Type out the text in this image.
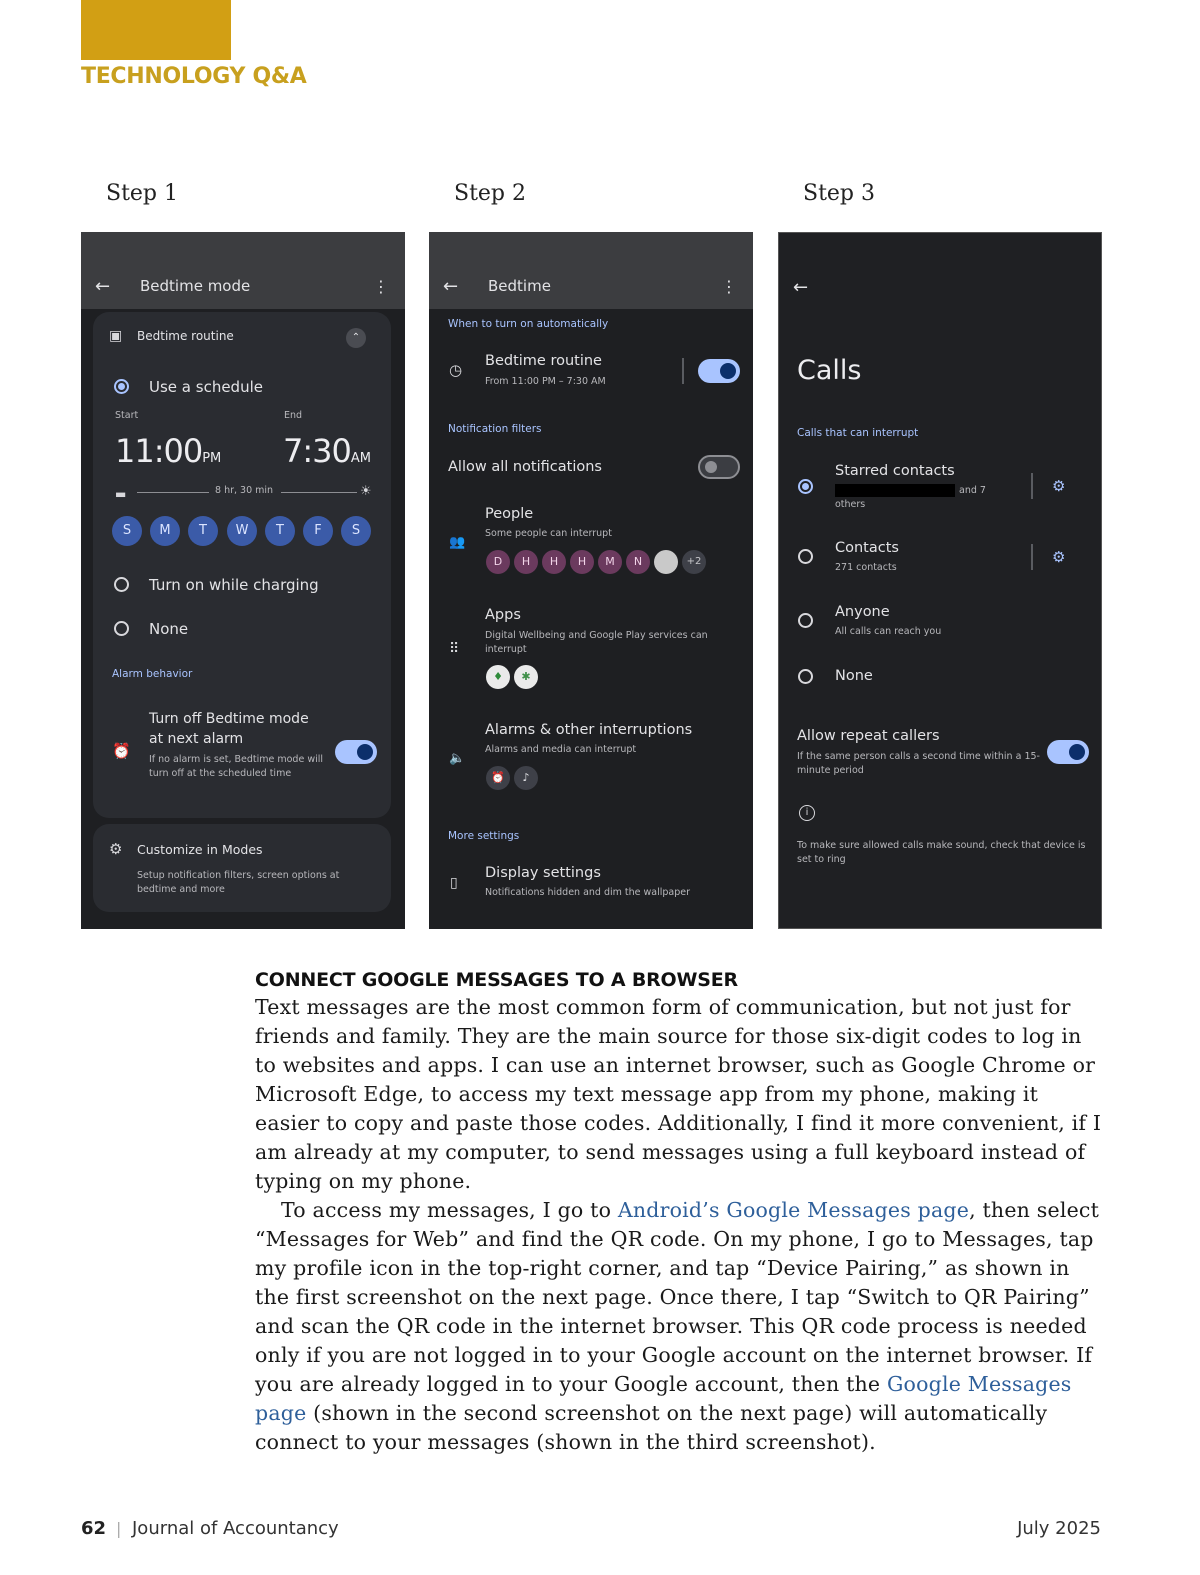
TECHNOLOGY Q&A
Step 1	Step 2	Step 3
← Bedtime mode	⋮
▣ Bedtime routine	⌃
Use a schedule
Start	End
11:00PM 7:30AM
▬	8 hr, 30 min	☀
S	M	T	W	T	F	S
Turn on while charging
None
Alarm behavior
⏰
Turn off Bedtime mode at next alarm
If no alarm is set, Bedtime mode will turn off at the scheduled time
⚙ Customize in Modes
Setup notification filters, screen options at bedtime and more
← Bedtime	⋮
When to turn on automatically
◷ Bedtime routine
From 11:00 PM – 7:30 AM
Notification filters
Allow all notifications
👥
People
Some people can interrupt
D	H	H	H	M	N	+2
⠿
Apps
Digital Wellbeing and Google Play services can interrupt
♦	✱
🔈
Alarms & other interruptions
Alarms and media can interrupt
⏰	♪
More settings
▯
Display settings
Notifications hidden and dim the wallpaper
←
Calls
Calls that can interrupt
Starred contacts
and 7
others
⚙
Contacts
271 contacts
⚙
Anyone
All calls can reach you
None
Allow repeat callers
If the same person calls a second time within a 15-minute period
i
To make sure allowed calls make sound, check that device is set to ring
CONNECT GOOGLE MESSAGES TO A BROWSER

Text messages are the most common form of communication, but not just for friends and family. They are the main source for those six-digit codes to log in to websites and apps. I can use an internet browser, such as Google Chrome or Microsoft Edge, to access my text message app from my phone, making it easier to copy and paste those codes. Additionally, I find it more convenient, if I am already at my computer, to send messages using a full keyboard instead of typing on my phone.

To access my messages, I go to Android’s Google Messages page, then select “Messages for Web” and find the QR code. On my phone, I go to Messages, tap my profile icon in the top-right corner, and tap “Device Pairing,” as shown in the first screenshot on the next page. Once there, I tap “Switch to QR Pairing” and scan the QR code in the internet browser. This QR code process is needed only if you are not logged in to your Google account on the internet browser. If you are already logged in to your Google account, then the Google Messages page (shown in the second screenshot on the next page) will automatically connect to your messages (shown in the third screenshot).

62 | Journal of Accountancy	July 2025
